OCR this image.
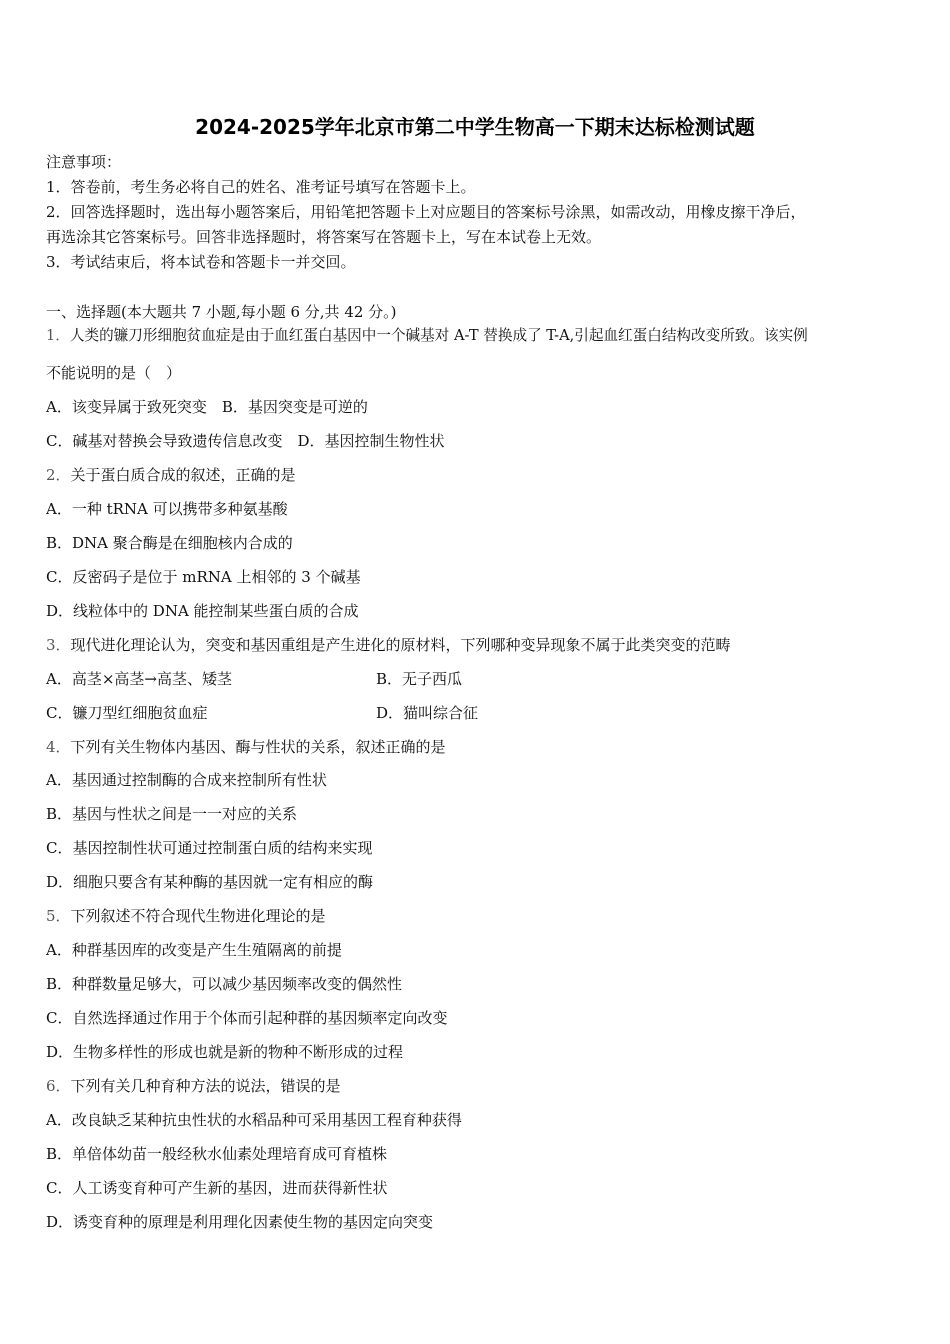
2024-2025学年北京市第二中学生物高一下期末达标检测试题
注意事项：
1．答卷前，考生务必将自己的姓名、准考证号填写在答题卡上。
2．回答选择题时，选出每小题答案后，用铅笔把答题卡上对应题目的答案标号涂黑，如需改动，用橡皮擦干净后，
再选涂其它答案标号。回答非选择题时，将答案写在答题卡上，写在本试卷上无效。
3．考试结束后，将本试卷和答题卡一并交回。
一、选择题(本大题共 7 小题,每小题 6 分,共 42 分。)
1．人类的镰刀形细胞贫血症是由于血红蛋白基因中一个碱基对 A-T 替换成了 T-A,引起血红蛋白结构改变所致。该实例
不能说明的是（　）
A．该变异属于致死突变　B．基因突变是可逆的
C．碱基对替换会导致遗传信息改变　D．基因控制生物性状
2．关于蛋白质合成的叙述，正确的是
A．一种 tRNA 可以携带多种氨基酸
B．DNA 聚合酶是在细胞核内合成的
C．反密码子是位于 mRNA 上相邻的 3 个碱基
D．线粒体中的 DNA 能控制某些蛋白质的合成
3．现代进化理论认为，突变和基因重组是产生进化的原材料，下列哪种变异现象不属于此类突变的范畴
A．高茎×高茎→高茎、矮茎	B．无子西瓜
C．镰刀型红细胞贫血症	D．猫叫综合征
4．下列有关生物体内基因、酶与性状的关系，叙述正确的是
A．基因通过控制酶的合成来控制所有性状
B．基因与性状之间是一一对应的关系
C．基因控制性状可通过控制蛋白质的结构来实现
D．细胞只要含有某种酶的基因就一定有相应的酶
5．下列叙述不符合现代生物进化理论的是
A．种群基因库的改变是产生生殖隔离的前提
B．种群数量足够大，可以减少基因频率改变的偶然性
C．自然选择通过作用于个体而引起种群的基因频率定向改变
D．生物多样性的形成也就是新的物种不断形成的过程
6．下列有关几种育种方法的说法，错误的是
A．改良缺乏某种抗虫性状的水稻品种可采用基因工程育种获得
B．单倍体幼苗一般经秋水仙素处理培育成可育植株
C．人工诱变育种可产生新的基因，进而获得新性状
D．诱变育种的原理是利用理化因素使生物的基因定向突变
